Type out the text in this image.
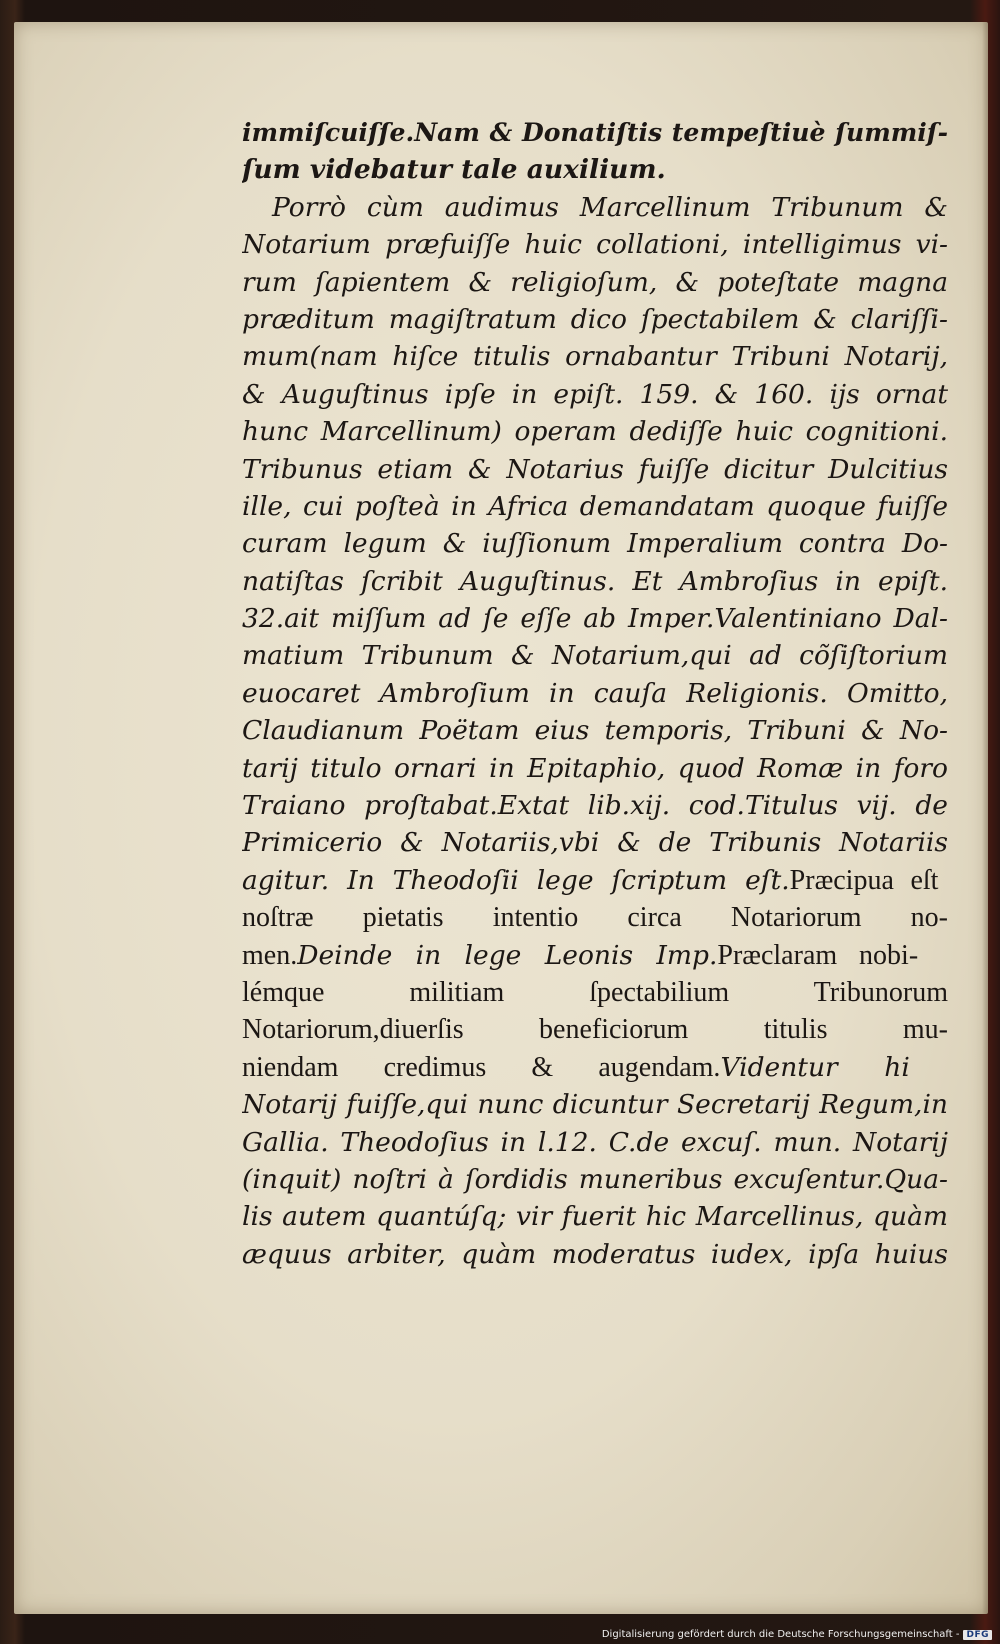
immiſcuiſſe.Nam & Donatiſtis tempeſtiuè ſummiſ-
ſum videbatur tale auxilium.
Porrò cùm audimus Marcellinum Tribunum &
Notarium præfuiſſe huic collationi, intelligimus vi-
rum ſapientem & religioſum, & poteſtate magna
præditum magiſtratum dico ſpectabilem & clariſſi-
mum(nam hiſce titulis ornabantur Tribuni Notarij,
& Auguſtinus ipſe in epiſt. 159. & 160. ijs ornat
hunc Marcellinum) operam dediſſe huic cognitioni.
Tribunus etiam & Notarius fuiſſe dicitur Dulcitius
ille, cui poſteà in Africa demandatam quoque fuiſſe
curam legum & iuſſionum Imperalium contra Do-
natiſtas ſcribit Auguſtinus. Et Ambroſius in epiſt.
32.ait miſſum ad ſe eſſe ab Imper.Valentiniano Dal-
matium Tribunum & Notarium,qui ad cõſiſtorium
euocaret Ambroſium in cauſa Religionis. Omitto,
Claudianum Poëtam eius temporis, Tribuni & No-
tarij titulo ornari in Epitaphio, quod Romæ in foro
Traiano proſtabat.Extat lib.xij. cod.Titulus vij. de
Primicerio & Notariis,vbi & de Tribunis Notariis
agitur. In Theodoſii lege ſcriptum eſt. Præcipua eſt
noſtræ pietatis intentio circa Notariorum no-
men. Deinde in lege Leonis Imp. Præclaram nobi-
lémque militiam ſpectabilium Tribunorum
Notariorum,diuerſis beneficiorum titulis mu-
niendam credimus & augendam. Videntur hi
Notarij fuiſſe,qui nunc dicuntur Secretarij Regum,in
Gallia. Theodoſius in l.12. C.de excuſ. mun. Notarij
(inquit) noſtri à ſordidis muneribus excuſentur.Qua-
lis autem quantúſq; vir fuerit hic Marcellinus, quàm
æquus arbiter, quàm moderatus iudex, ipſa huius
Digitalisierung gefördert durch die Deutsche Forschungsgemeinschaft - DFG
